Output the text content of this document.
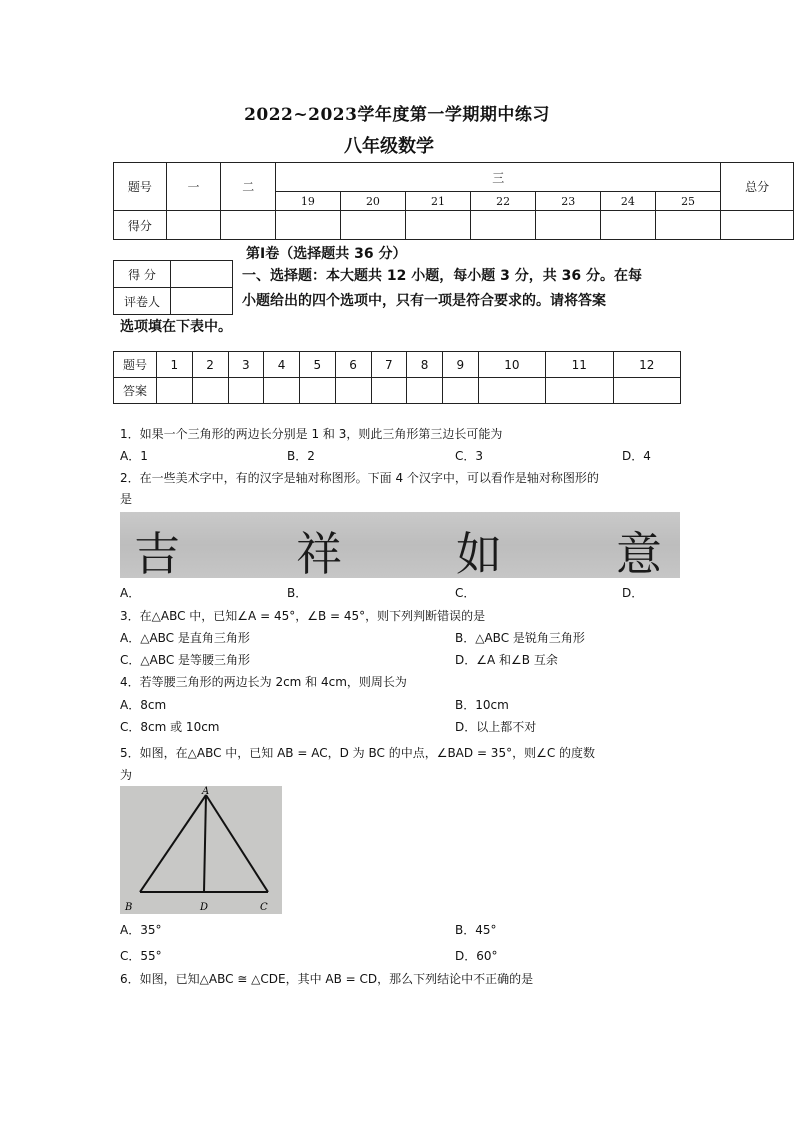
2022~2023学年度第一学期期中练习
八年级数学
题号	一	二	三							总分
			19	20	21	22	23	24	25	
得分										
第Ⅰ卷（选择题共 36 分）
得 分	
评卷人	
一、选择题：本大题共 12 小题，每小题 3 分，共 36 分。在每
小题给出的四个选项中，只有一项是符合要求的。请将答案
选项填在下表中。
题号	1	2	3	4	5	6	7	8	9	10	11	12
答案												
1．如果一个三角形的两边长分别是 1 和 3，则此三角形第三边长可能为
A．1	B．2	C．3	D．4
2．在一些美术字中，有的汉字是轴对称图形。下面 4 个汉字中，可以看作是轴对称图形的
是
吉	祥 如 意
A．	B．	C．	D．
3．在△ABC 中，已知∠A = 45°，∠B = 45°，则下列判断错误的是
A．△ABC 是直角三角形	B．△ABC 是锐角三角形
C．△ABC 是等腰三角形	D．∠A 和∠B 互余
4．若等腰三角形的两边长为 2cm 和 4cm，则周长为
A．8cm	B．10cm
C．8cm 或 10cm	D．以上都不对
5．如图，在△ABC 中，已知 AB = AC，D 为 BC 的中点，∠BAD = 35°，则∠C 的度数
为
A
B	D	C
A．35°	B．45°
C．55°	D．60°
6．如图，已知△ABC ≅ △CDE，其中 AB = CD，那么下列结论中不正确的是
